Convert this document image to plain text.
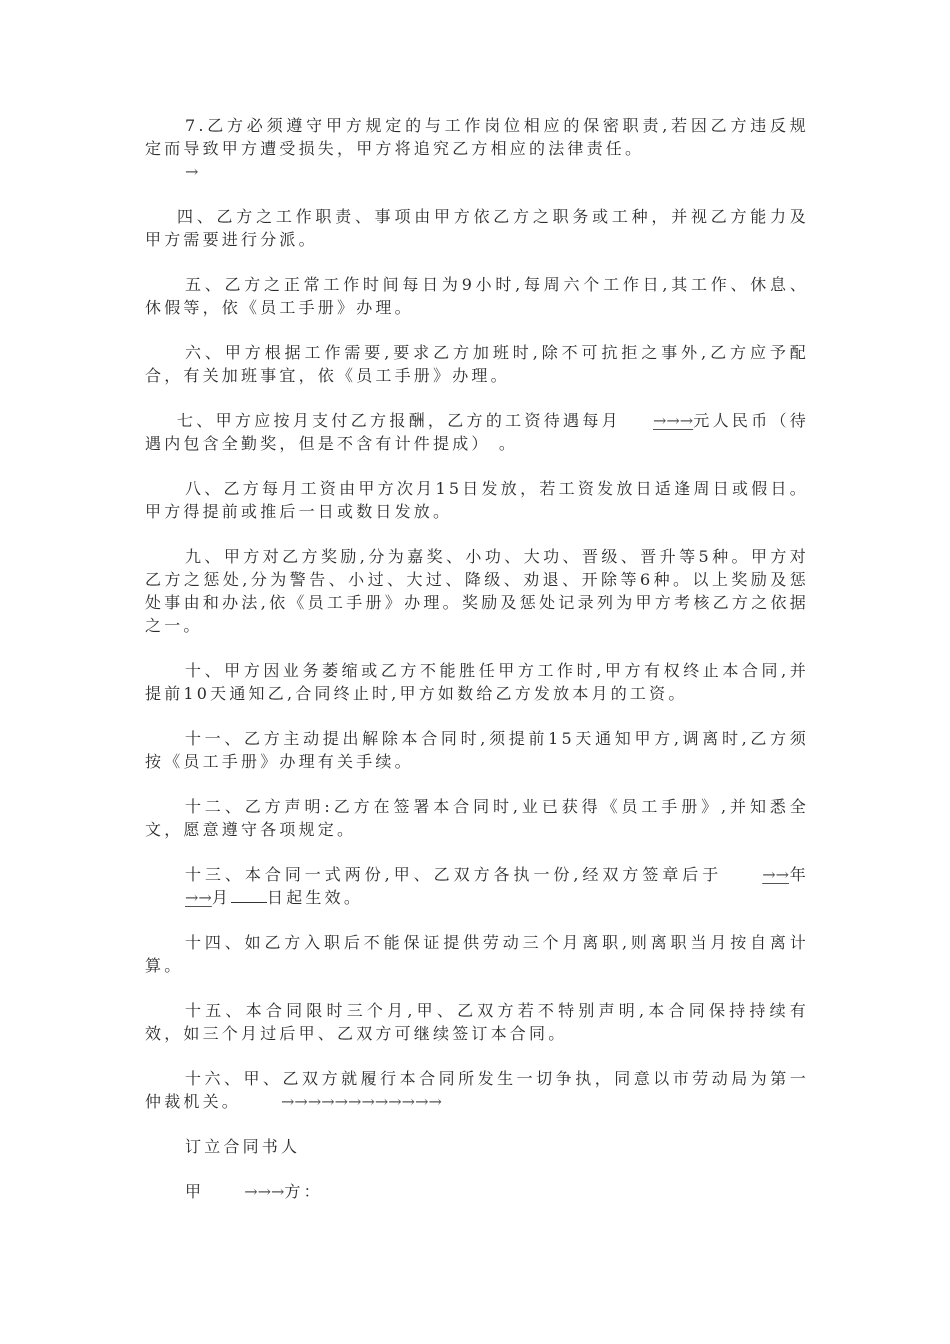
7.乙方必须遵守甲方规定的与工作岗位相应的保密职责,若因乙方违反规定而导致甲方遭受损失，甲方将追究乙方相应的法律责任。
→

四、乙方之工作职责、事项由甲方依乙方之职务或工种，并视乙方能力及甲方需要进行分派。

五、乙方之正常工作时间每日为9小时,每周六个工作日,其工作、休息、休假等，依《员工手册》办理。

六、甲方根据工作需要,要求乙方加班时,除不可抗拒之事外,乙方应予配合，有关加班事宜，依《员工手册》办理。

七、甲方应按月支付乙方报酬，乙方的工资待遇每月 →→→元人民币（待遇内包含全勤奖，但是不含有计件提成） 。

八、乙方每月工资由甲方次月15日发放，若工资发放日适逢周日或假日。甲方得提前或推后一日或数日发放。

九、甲方对乙方奖励,分为嘉奖、小功、大功、晋级、晋升等5种。甲方对乙方之惩处,分为警告、小过、大过、降级、劝退、开除等6种。以上奖励及惩处事由和办法,依《员工手册》办理。奖励及惩处记录列为甲方考核乙方之依据之一。

十、甲方因业务萎缩或乙方不能胜任甲方工作时,甲方有权终止本合同,并提前10天通知乙,合同终止时,甲方如数给乙方发放本月的工资。

十一、乙方主动提出解除本合同时,须提前15天通知甲方,调离时,乙方须按《员工手册》办理有关手续。

十二、乙方声明:乙方在签署本合同时,业已获得《员工手册》,并知悉全文，愿意遵守各项规定。

十三、本合同一式两份,甲、乙双方各执一份,经双方签章后于	→→年→→月 日起生效。

十四、如乙方入职后不能保证提供劳动三个月离职,则离职当月按自离计算。

十五、本合同限时三个月,甲、乙双方若不特别声明,本合同保持持续有效，如三个月过后甲、乙双方可继续签订本合同。

十六、甲、乙双方就履行本合同所发生一切争执，同意以市劳动局为第一仲裁机关。	→→→→→→→→→→→→

订立合同书人

甲	→→→方：
